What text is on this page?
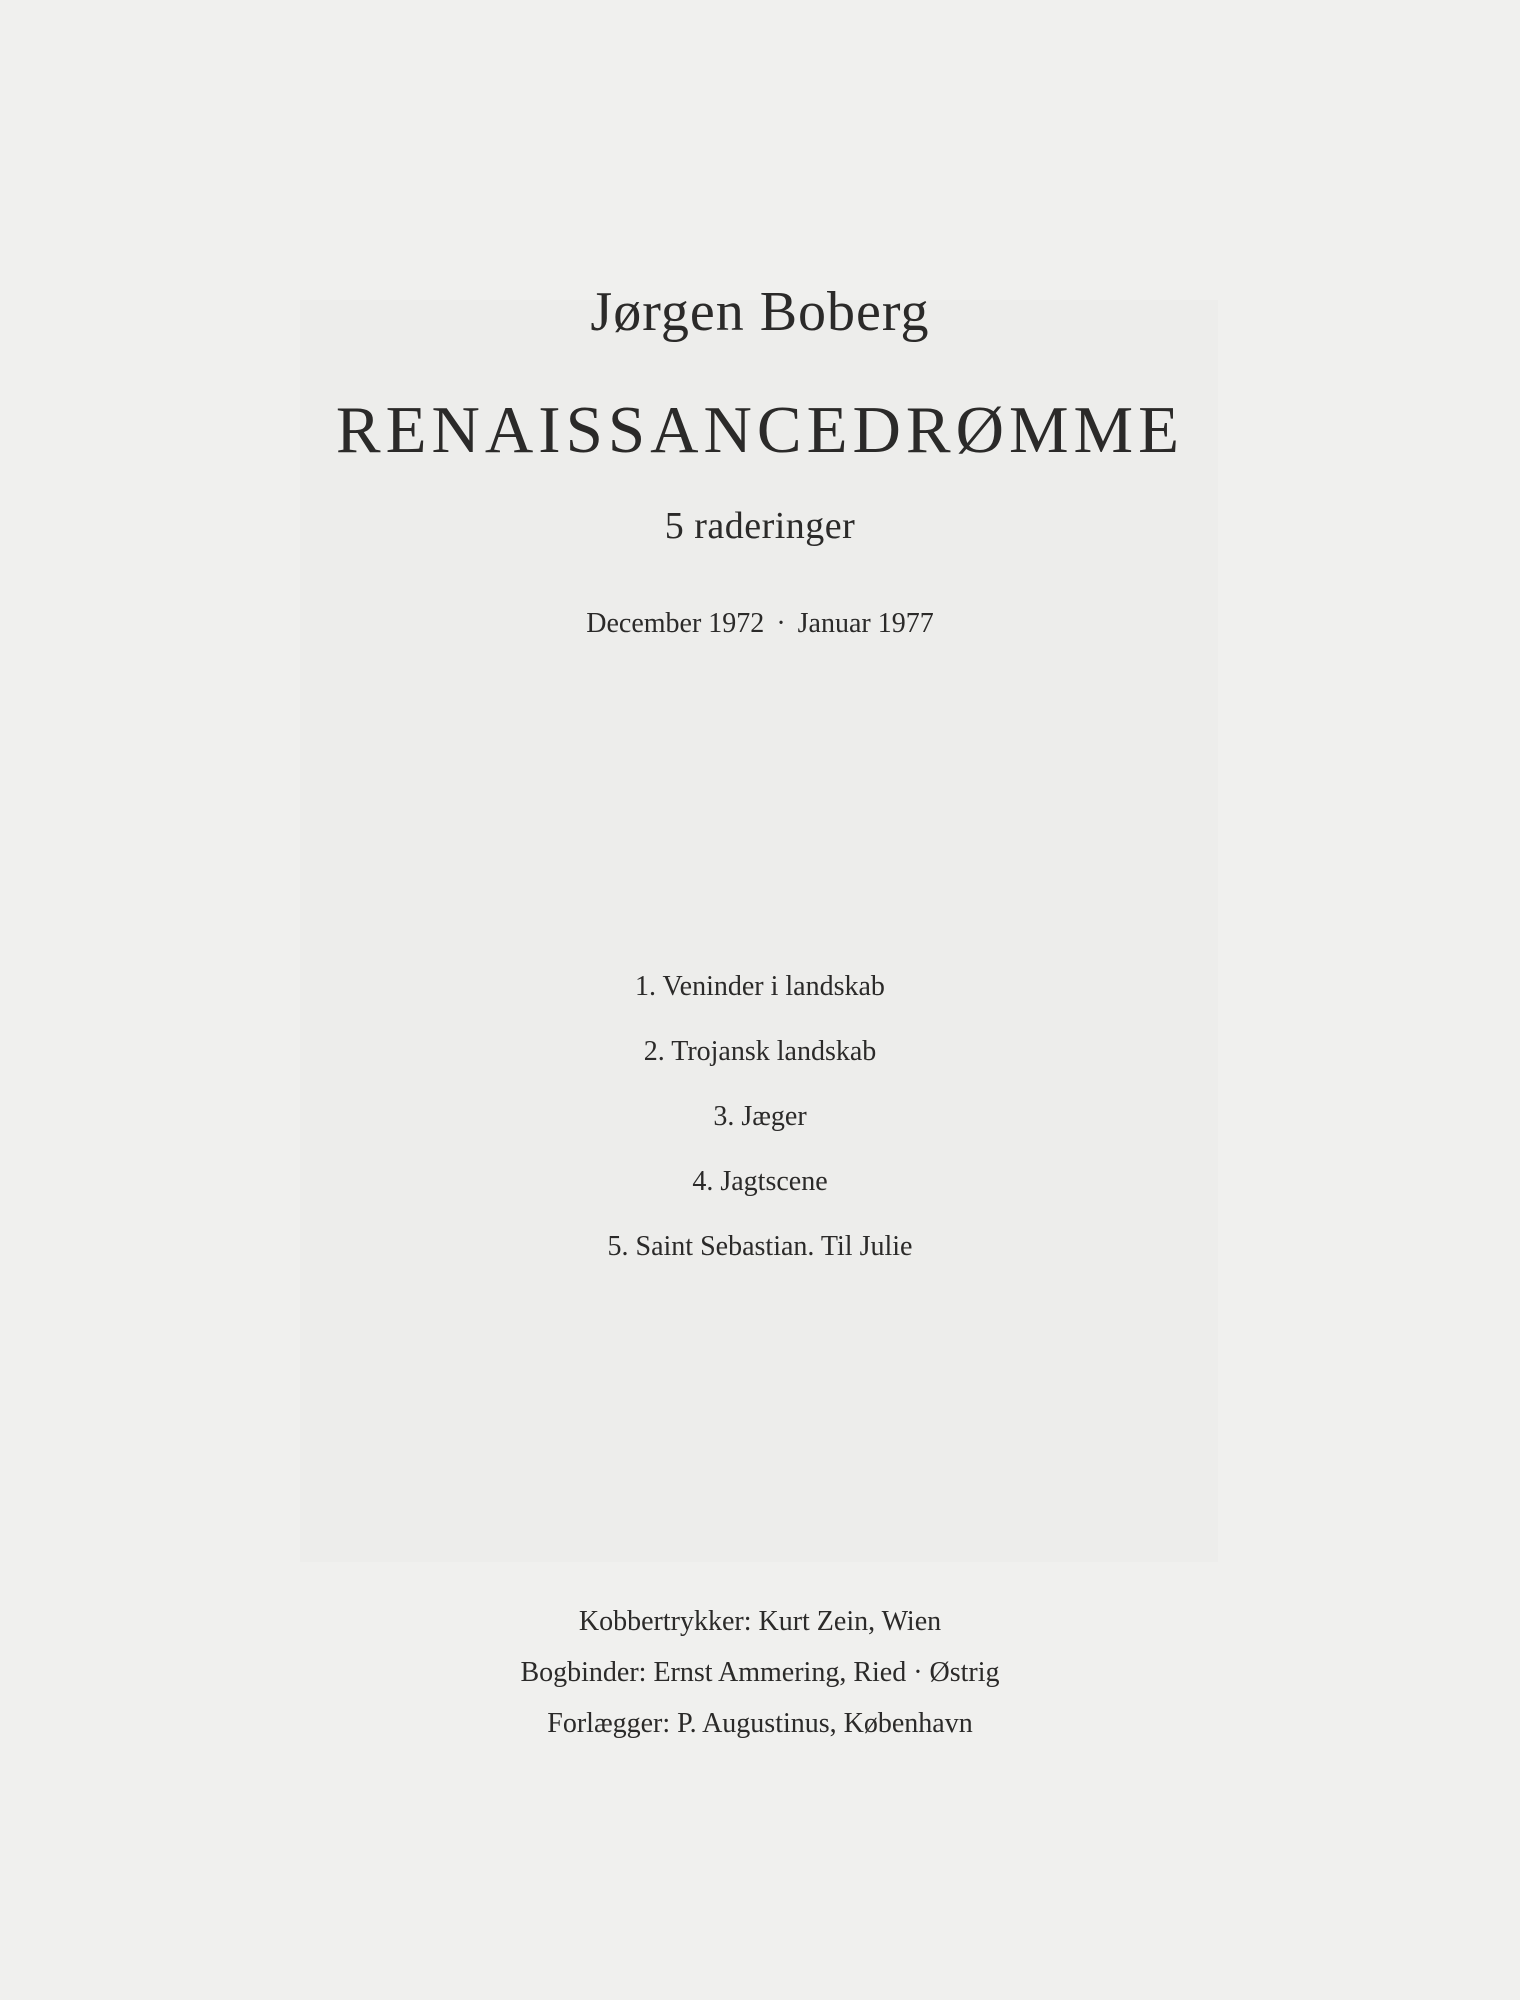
Jørgen Boberg
RENAISSANCEDRØMME
5 raderinger
December 1972 · Januar 1977
1. Veninder i landskab
2. Trojansk landskab
3. Jæger
4. Jagtscene
5. Saint Sebastian. Til Julie
Kobbertrykker: Kurt Zein, Wien
Bogbinder: Ernst Ammering, Ried · Østrig
Forlægger: P. Augustinus, København
